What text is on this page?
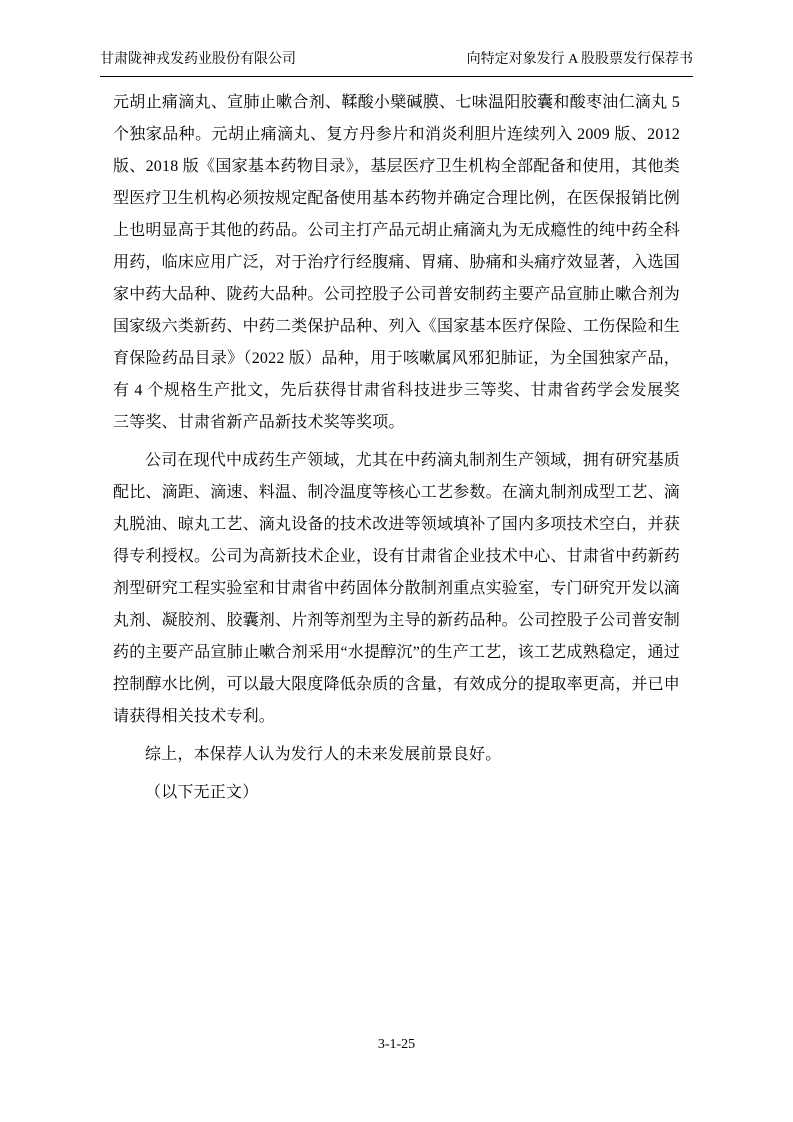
甘肃陇神戎发药业股份有限公司	向特定对象发行 A 股股票发行保荐书

元胡止痛滴丸、宣肺止嗽合剂、鞣酸小檗碱膜、七味温阳胶囊和酸枣油仁滴丸 5 个独家品种。元胡止痛滴丸、复方丹参片和消炎利胆片连续列入 2009 版、2012 版、2018 版《国家基本药物目录》，基层医疗卫生机构全部配备和使用，其他类型医疗卫生机构必须按规定配备使用基本药物并确定合理比例，在医保报销比例上也明显高于其他的药品。公司主打产品元胡止痛滴丸为无成瘾性的纯中药全科用药，临床应用广泛，对于治疗行经腹痛、胃痛、胁痛和头痛疗效显著，入选国家中药大品种、陇药大品种。公司控股子公司普安制药主要产品宣肺止嗽合剂为国家级六类新药、中药二类保护品种、列入《国家基本医疗保险、工伤保险和生育保险药品目录》（2022 版）品种，用于咳嗽属风邪犯肺证，为全国独家产品，有 4 个规格生产批文，先后获得甘肃省科技进步三等奖、甘肃省药学会发展奖三等奖、甘肃省新产品新技术奖等奖项。

公司在现代中成药生产领域，尤其在中药滴丸制剂生产领域，拥有研究基质配比、滴距、滴速、料温、制冷温度等核心工艺参数。在滴丸制剂成型工艺、滴丸脱油、晾丸工艺、滴丸设备的技术改进等领域填补了国内多项技术空白，并获得专利授权。公司为高新技术企业，设有甘肃省企业技术中心、甘肃省中药新药剂型研究工程实验室和甘肃省中药固体分散制剂重点实验室，专门研究开发以滴丸剂、凝胶剂、胶囊剂、片剂等剂型为主导的新药品种。公司控股子公司普安制药的主要产品宣肺止嗽合剂采用“水提醇沉”的生产工艺，该工艺成熟稳定，通过控制醇水比例，可以最大限度降低杂质的含量，有效成分的提取率更高，并已申请获得相关技术专利。

综上，本保荐人认为发行人的未来发展前景良好。

（以下无正文）

3-1-25
